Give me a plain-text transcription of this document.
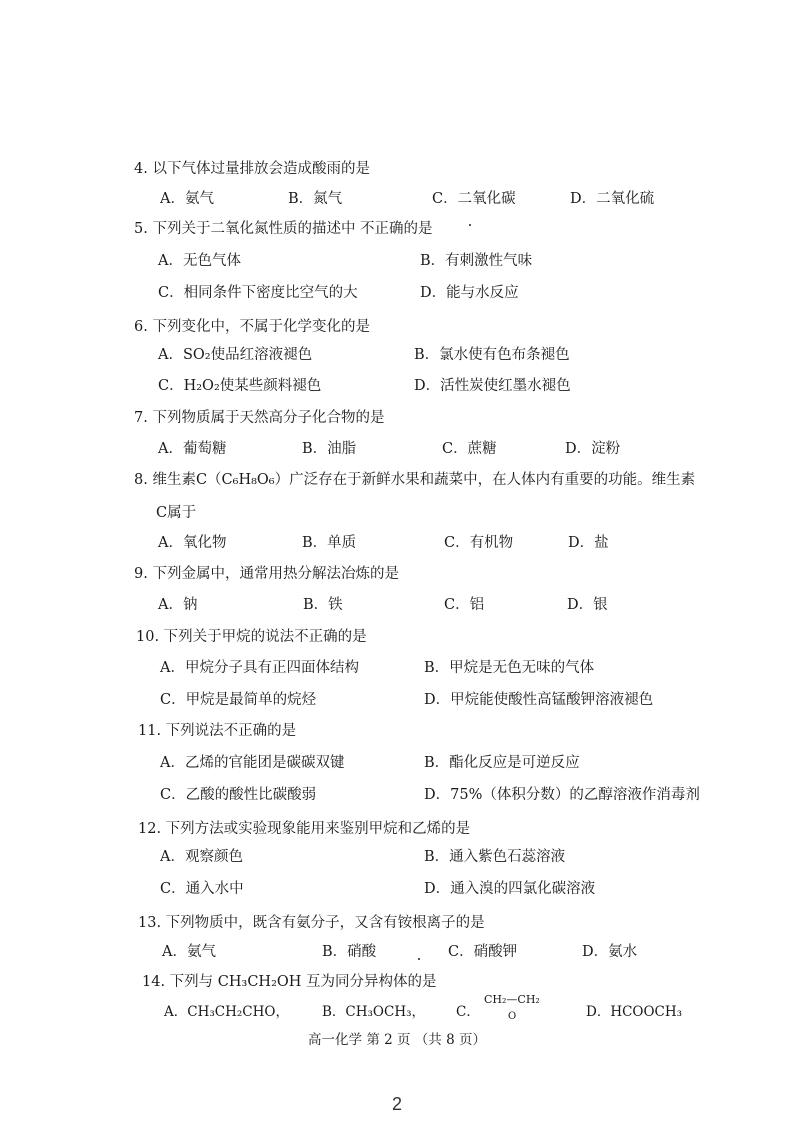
4. 以下气体过量排放会造成酸雨的是
A．氨气	B．氮气	C．二氧化碳	D．二氧化硫
5. 下列关于二氧化氮性质的描述中 不正确的是
A．无色气体	B．有刺激性气味
C．相同条件下密度比空气的大	D．能与水反应
6. 下列变化中，不属于化学变化的是
A．SO₂使品红溶液褪色	B．氯水使有色布条褪色
C．H₂O₂使某些颜料褪色	D．活性炭使红墨水褪色
7. 下列物质属于天然高分子化合物的是
A．葡萄糖	B．油脂	C．蔗糖	D．淀粉
8. 维生素C（C₆H₈O₆）广泛存在于新鲜水果和蔬菜中，在人体内有重要的功能。维生素
C属于
A．氧化物	B．单质	C．有机物	D．盐
9. 下列金属中，通常用热分解法冶炼的是
A．钠	B．铁	C．铝	D．银
10. 下列关于甲烷的说法不正确的是
A．甲烷分子具有正四面体结构	B．甲烷是无色无味的气体
C．甲烷是最简单的烷烃	D．甲烷能使酸性高锰酸钾溶液褪色
11. 下列说法不正确的是
A．乙烯的官能团是碳碳双键	B．酯化反应是可逆反应
C．乙酸的酸性比碳酸弱	D．75%（体积分数）的乙醇溶液作消毒剂
12. 下列方法或实验现象能用来鉴别甲烷和乙烯的是
A．观察颜色	B．通入紫色石蕊溶液
C．通入水中	D．通入溴的四氯化碳溶液
13. 下列物质中，既含有氨分子，又含有铵根离子的是
A．氨气	B．硝酸	C．硝酸钾	D．氨水
14. 下列与 CH₃CH₂OH 互为同分异构体的是
A．CH₃CH₂CHO， B．CH₃OCH₃， C．
CH₂—CH₂
O	D．HCOOCH₃
高一化学 第 2 页 （共 8 页）
2
